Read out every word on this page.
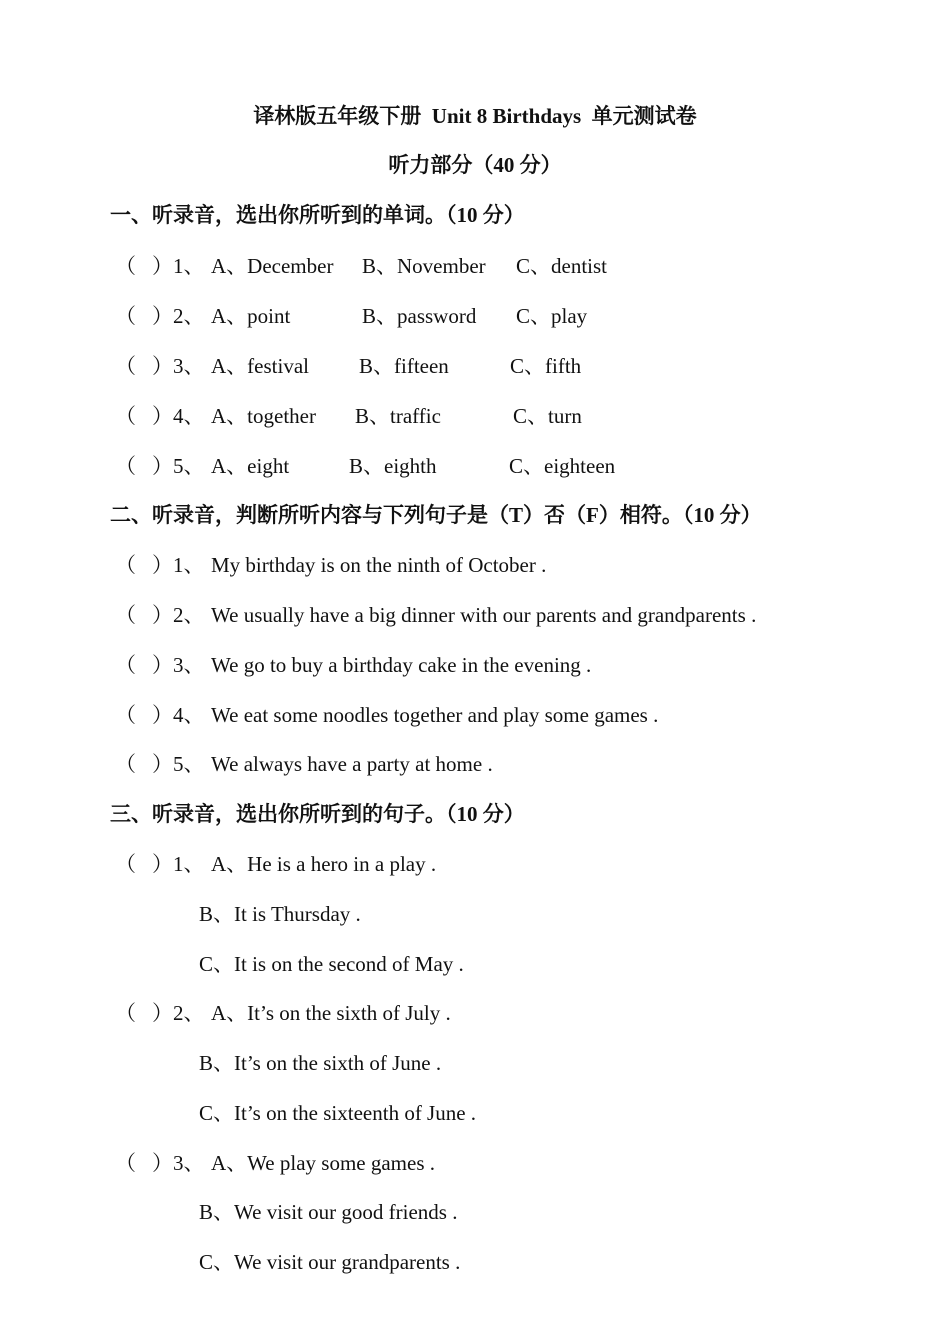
译林版五年级下册  Unit 8 Birthdays  单元测试卷
听力部分（40 分）
一、听录音，选出你所听到的单词。（10 分）
（ ）1、 A、December B、November C、dentist
（ ）2、 A、point	B、password C、play
（ ）3、 A、festival B、fifteen	C、fifth
（ ）4、 A、together B、traffic	C、turn
（ ）5、 A、eight	B、eighth	C、eighteen
二、听录音，判断所听内容与下列句子是（T）否（F）相符。（10 分）
（ ）1、 My birthday is on the ninth of October .
（ ）2、 We usually have a big dinner with our parents and grandparents .
（ ）3、 We go to buy a birthday cake in the evening .
（ ）4、 We eat some noodles together and play some games .
（ ）5、 We always have a party at home .
三、听录音，选出你所听到的句子。（10 分）
（ ）1、 A、He is a hero in a play .
B、It is Thursday .
C、It is on the second of May .
（ ）2、 A、It’s on the sixth of July .
B、It’s on the sixth of June .
C、It’s on the sixteenth of June .
（ ）3、 A、We play some games .
B、We visit our good friends .
C、We visit our grandparents .
